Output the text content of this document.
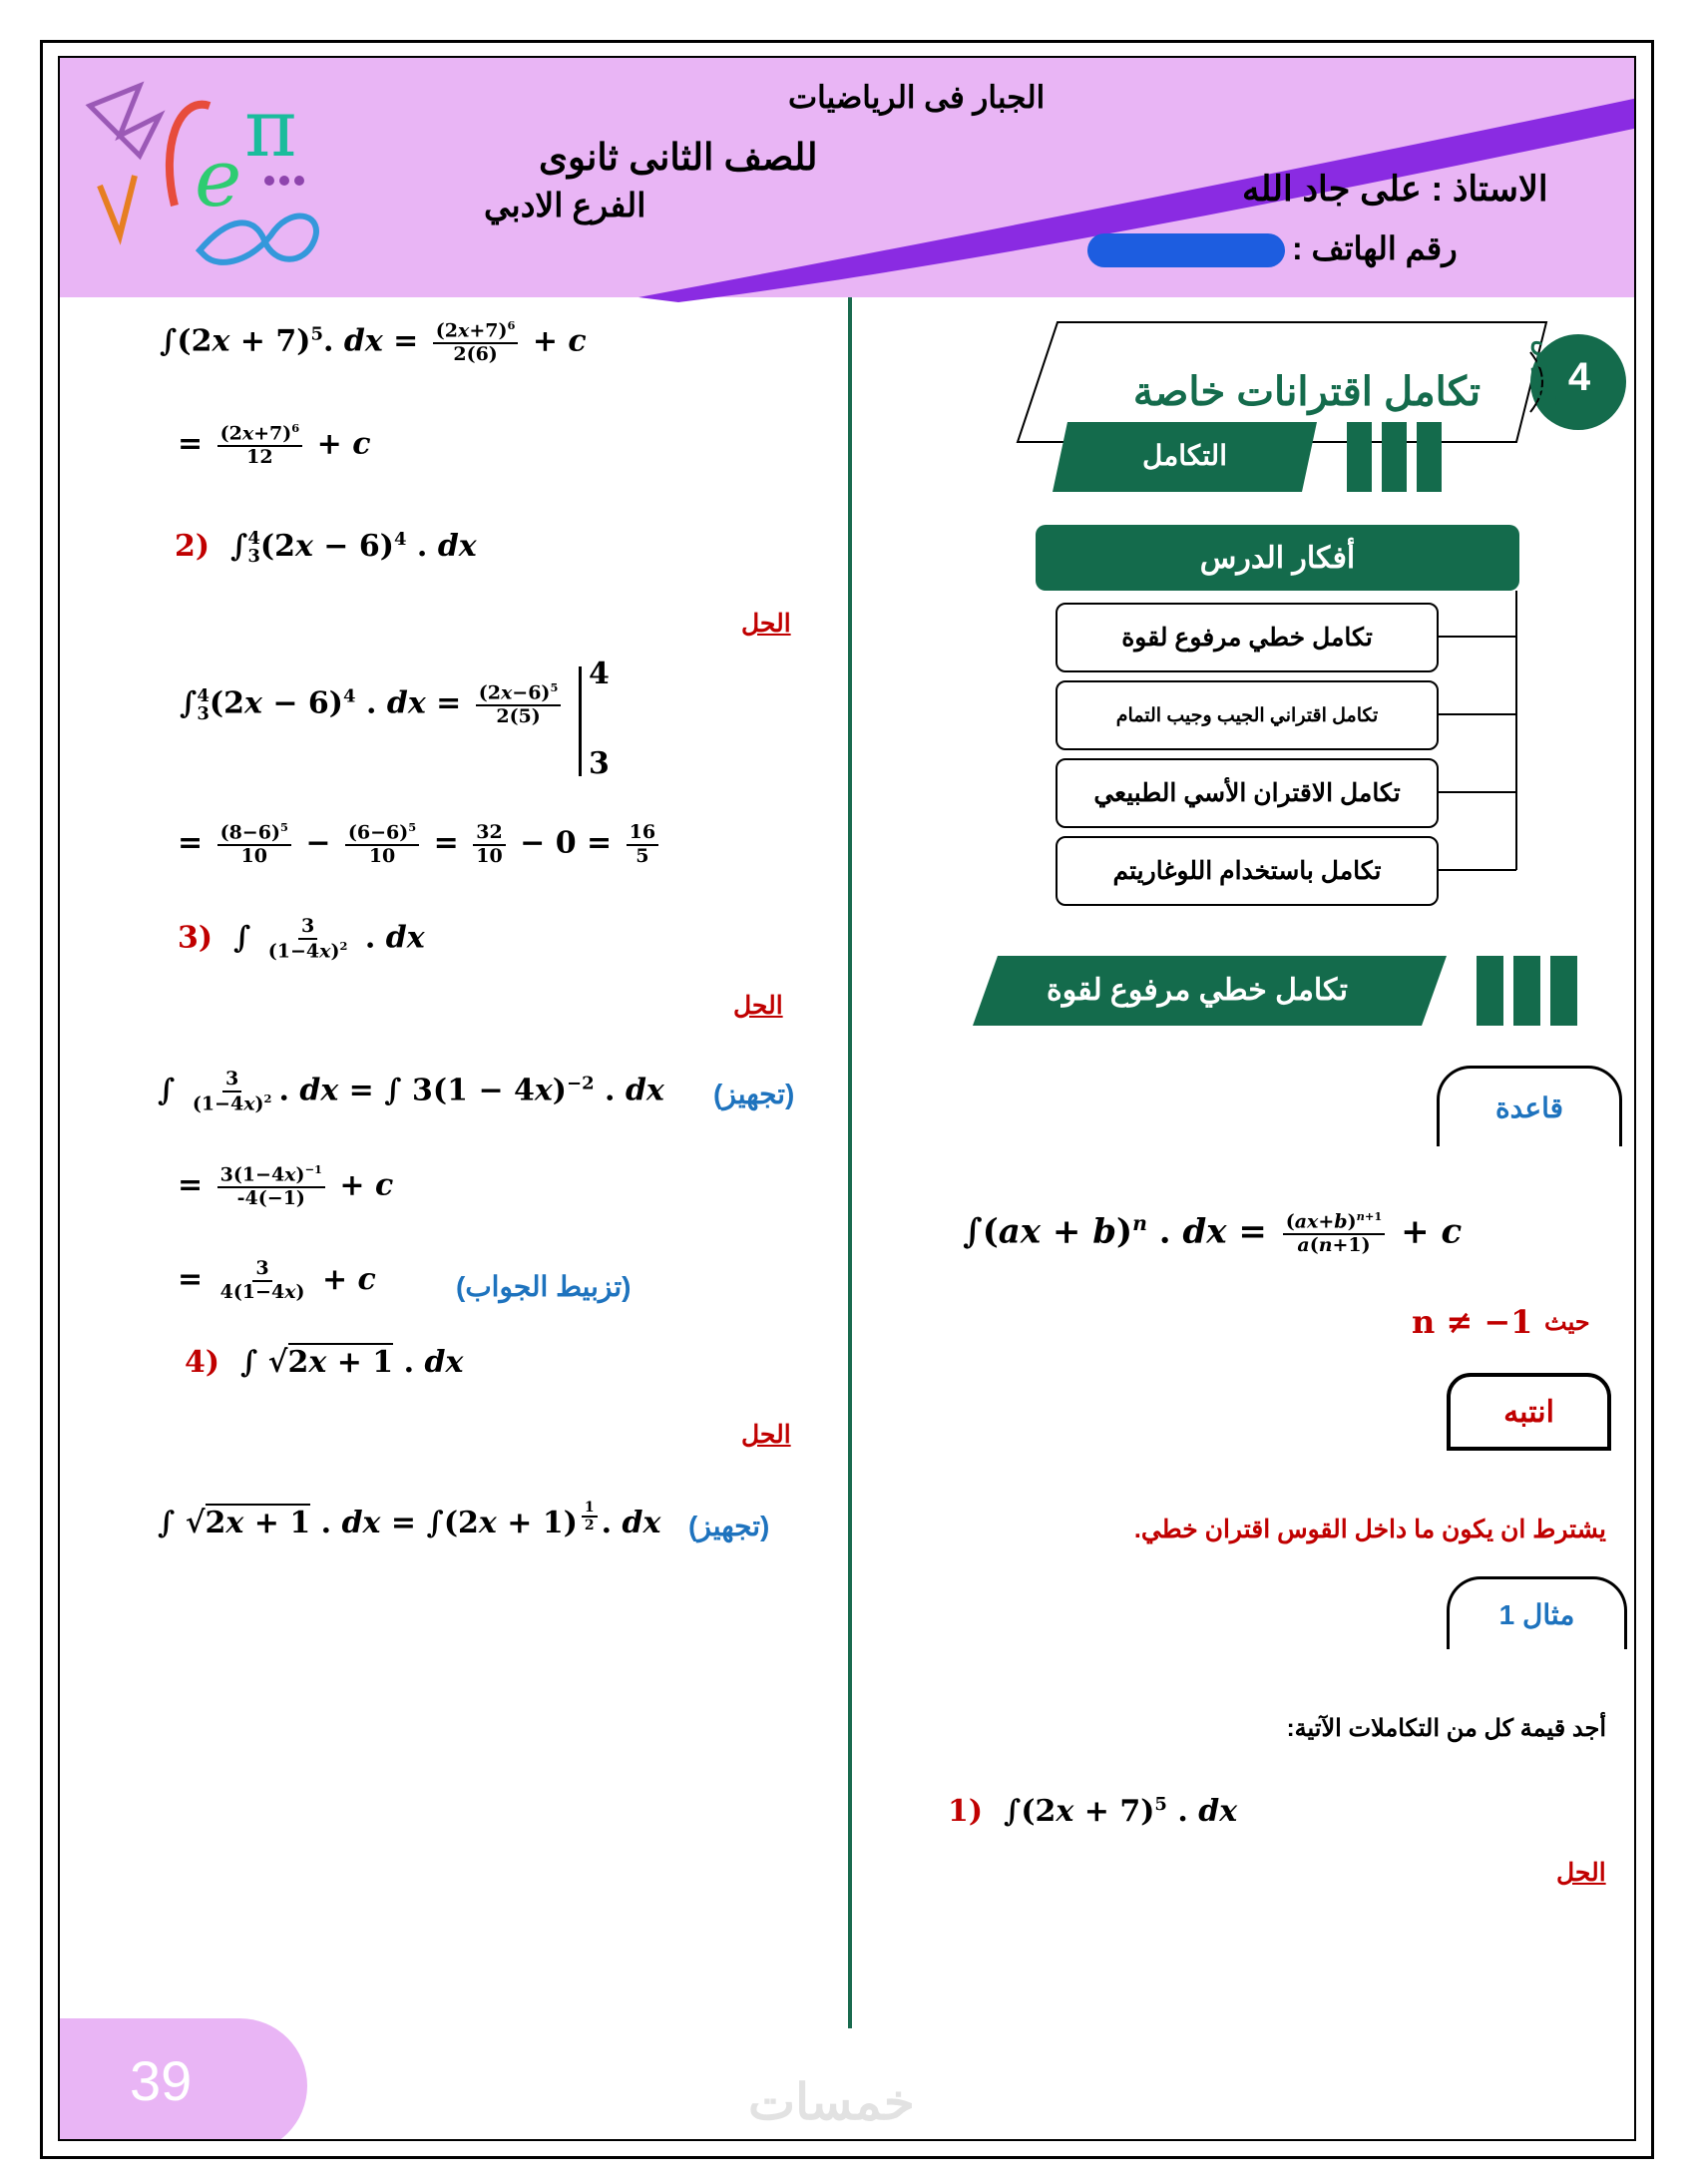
e
π	الجبار فى الرياضيات
للصف الثانى ثانوى
الفرع الادبي	الاستاذ : على جاد الله
رقم الهاتف :
4
الدرس
تكامل اقترانات خاصة
التكامل
أفكار الدرس
تكامل خطي مرفوع لقوة
تكامل اقتراني الجيب وجيب التمام
تكامل الاقتران الأسي الطبيعي
تكامل باستخدام اللوغاريتم
تكامل خطي مرفوع لقوة
قاعدة
∫(ax + b)$^n$ . dx = $\frac{(ax+b)^{n+1}}{a(n+1)} + c$
حيث
n ≠ −1
انتبه
يشترط ان يكون ما داخل القوس اقتران خطي.
مثال 1
أجد قيمة كل من التكاملات الآتية:
1)  $\int(2x + 7)^5$ . dx
الحل
$\int(2x + 7)^5$. dx = $\frac{(2x+7)^6}{2(6)} + c$
= $\frac{(2x+7)^6}{12} + c$
2)  ∫ 4
3 $(2x - 6)^4$ . dx
الحل
∫ 4
3 $(2x - 6)^4$ . dx = $\frac{(2x-6)^5}{2(5)}$
4
3
= $\frac{(8-6)^5}{10} - \frac{(6-6)^5}{10} = \frac{32}{10} - 0 = \frac{16}{5}$
3)  ∫ $\frac{3}{(1-4x)^2}$ . dx
الحل
∫ $\frac{3}{(1-4x)^2}$ . dx = ∫ $3(1 - 4x)^{-2}$ . dx (تجهيز)
= $\frac{3(1-4x)^{-1}}{-4(-1)} + c$
= $\frac{3}{4(1-4x)} + c$	(تزبيط الجواب)
4)  ∫ √2x + 1 . dx
الحل
∫ √2x + 1 . dx = ∫(2x + 1) $^{\frac{1}{2}}$ . dx (تجهيز)
39	خمسات
